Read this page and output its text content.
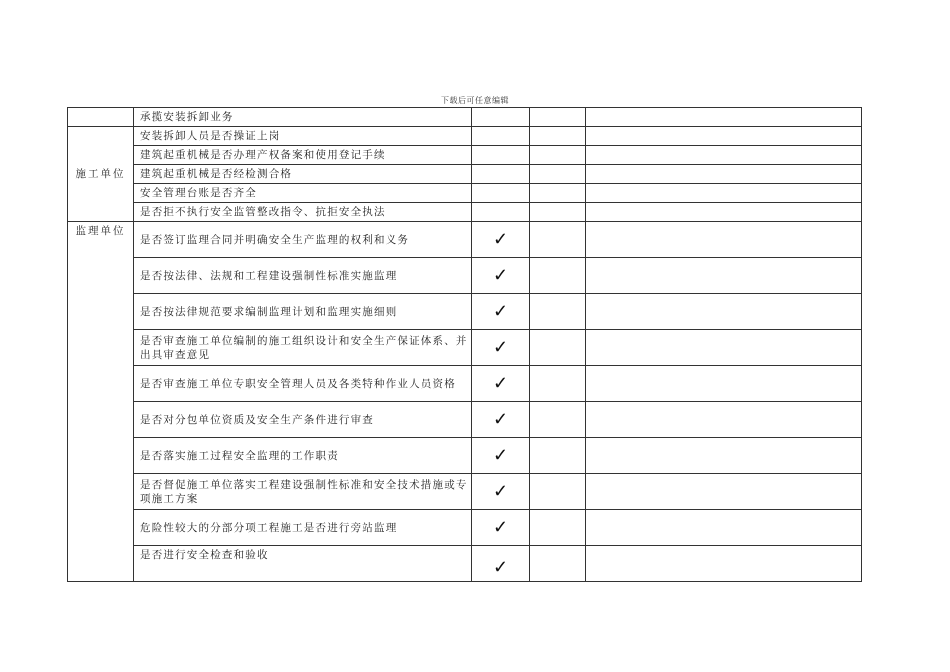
下载后可任意编辑
	承揽安装拆卸业务			
施工单位	安装拆卸人员是否操证上岗			
	建筑起重机械是否办理产权备案和使用登记手续			
	建筑起重机械是否经检测合格			
	安全管理台账是否齐全			
	是否拒不执行安全监管整改指令、抗拒安全执法			
监理单位	是否签订监理合同并明确安全生产监理的权利和义务	✓		
	是否按法律、法规和工程建设强制性标准实施监理	✓		
	是否按法律规范要求编制监理计划和监理实施细则	✓		
	是否审查施工单位编制的施工组织设计和安全生产保证体系、并出具审查意见	✓		
	是否审查施工单位专职安全管理人员及各类特种作业人员资格	✓		
	是否对分包单位资质及安全生产条件进行审查	✓		
	是否落实施工过程安全监理的工作职责	✓		
	是否督促施工单位落实工程建设强制性标准和安全技术措施或专项施工方案	✓		
	危险性较大的分部分项工程施工是否进行旁站监理	✓		
	是否进行安全检查和验收	✓		
